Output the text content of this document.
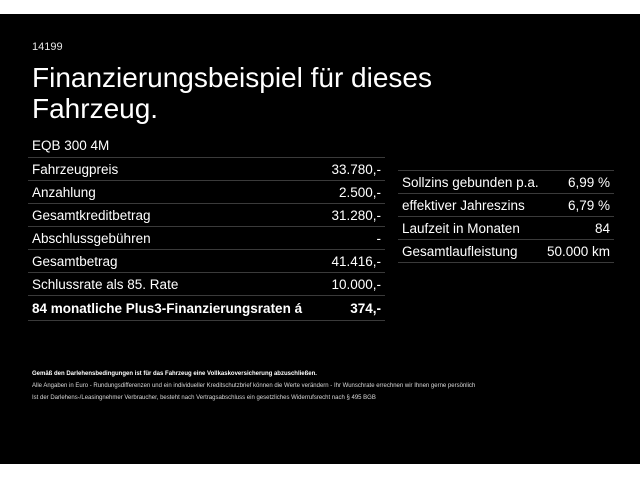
14199
Finanzierungsbeispiel für dieses Fahrzeug.
EQB 300 4M
Fahrzeugpreis	33.780,-
Anzahlung	2.500,-
Gesamtkreditbetrag	31.280,-
Abschlussgebühren	-
Gesamtbetrag	41.416,-
Schlussrate als 85. Rate	10.000,-
84 monatliche Plus3-Finanzierungsraten á	374,-
Sollzins gebunden p.a.	6,99 %
effektiver Jahreszins	6,79 %
Laufzeit in Monaten	84
Gesamtlaufleistung	50.000 km

Gemäß den Darlehensbedingungen ist für das Fahrzeug eine Vollkaskoversicherung abzuschließen.

Alle Angaben in Euro - Rundungsdifferenzen und ein individueller Kreditschutzbrief können die Werte verändern - Ihr Wunschrate errechnen wir Ihnen gerne persönlich

Ist der Darlehens-/Leasingnehmer Verbraucher, besteht nach Vertragsabschluss ein gesetzliches Widerrufsrecht nach § 495 BGB
